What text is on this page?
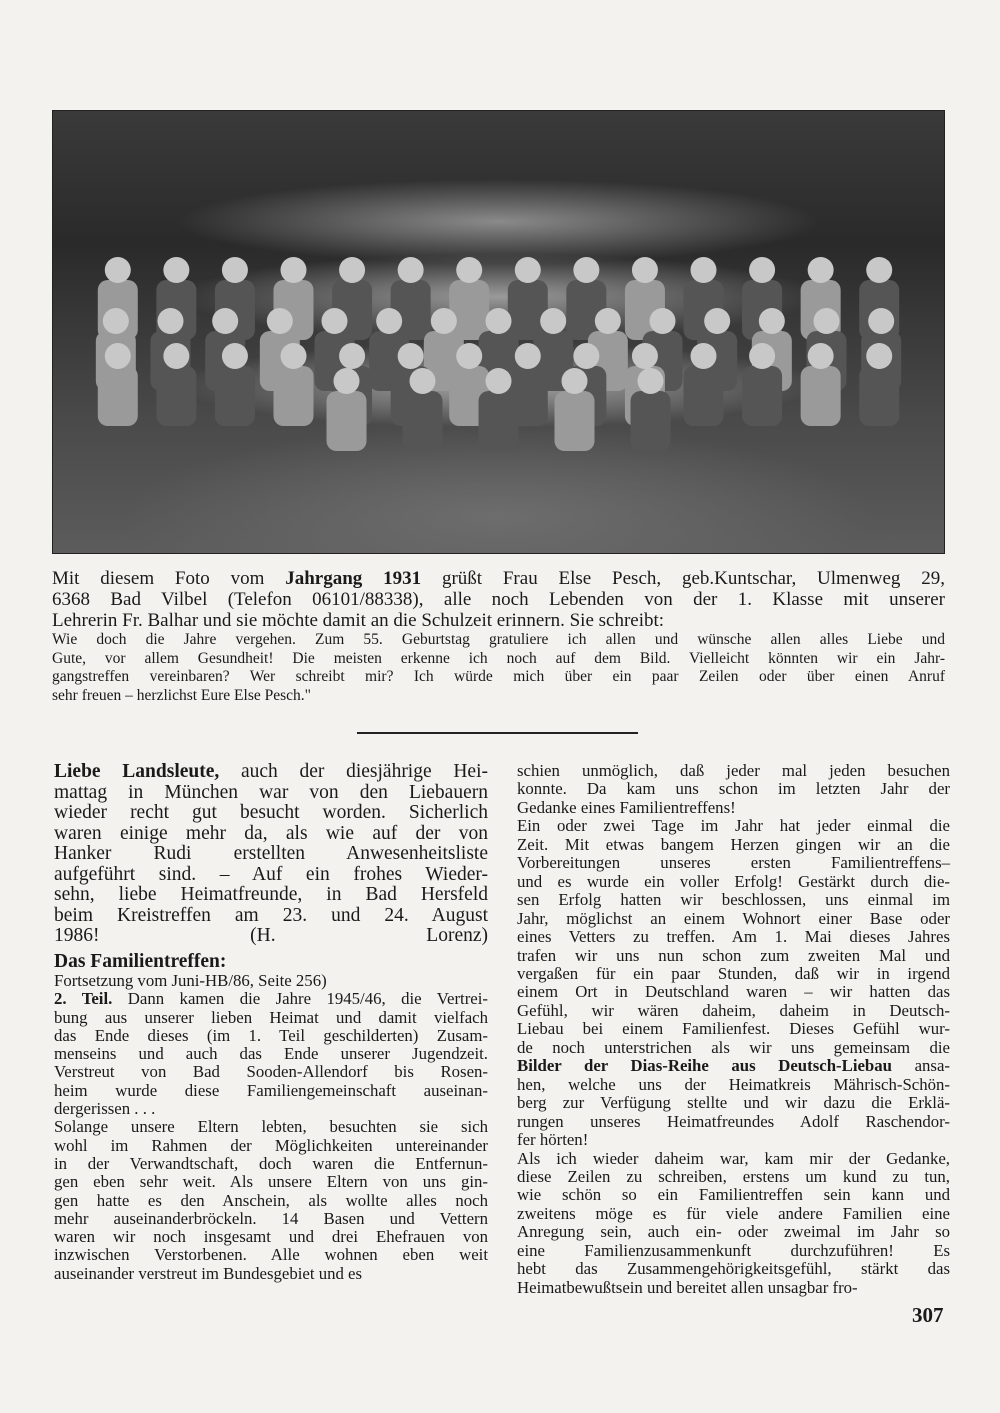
Mit diesem Foto vom Jahrgang 1931 grüßt Frau Else Pesch, geb.Kuntschar, Ulmenweg 29,
6368 Bad Vilbel (Telefon 06101/88338), alle noch Lebenden von der 1. Klasse mit unserer
Lehrerin Fr. Balhar und sie möchte damit an die Schulzeit erinnern. Sie schreibt:
Wie doch die Jahre vergehen. Zum 55. Geburtstag gratuliere ich allen und wünsche allen alles Liebe und
Gute, vor allem Gesundheit! Die meisten erkenne ich noch auf dem Bild. Vielleicht könnten wir ein Jahr-
gangstreffen vereinbaren? Wer schreibt mir? Ich würde mich über ein paar Zeilen oder über einen Anruf
sehr freuen – herzlichst Eure Else Pesch."
Liebe Landsleute, auch der diesjährige Hei-
mattag in München war von den Liebauern
wieder recht gut besucht worden. Sicherlich
waren einige mehr da, als wie auf der von
Hanker Rudi erstellten Anwesenheitsliste
aufgeführt sind. – Auf ein frohes Wieder-
sehn, liebe Heimatfreunde, in Bad Hersfeld
beim Kreistreffen am 23. und 24. August
1986! (H. Lorenz)
Das Familientreffen:
Fortsetzung vom Juni-HB/86, Seite 256)
2. Teil. Dann kamen die Jahre 1945/46, die Vertrei-
bung aus unserer lieben Heimat und damit vielfach
das Ende dieses (im 1. Teil geschilderten) Zusam-
menseins und auch das Ende unserer Jugendzeit.
Verstreut von Bad Sooden-Allendorf bis Rosen-
heim wurde diese Familiengemeinschaft auseinan-
dergerissen . . .
Solange unsere Eltern lebten, besuchten sie sich
wohl im Rahmen der Möglichkeiten untereinander
in der Verwandtschaft, doch waren die Entfernun-
gen eben sehr weit. Als unsere Eltern von uns gin-
gen hatte es den Anschein, als wollte alles noch
mehr auseinanderbröckeln. 14 Basen und Vettern
waren wir noch insgesamt und drei Ehefrauen von
inzwischen Verstorbenen. Alle wohnen eben weit
auseinander verstreut im Bundesgebiet und es
schien unmöglich, daß jeder mal jeden besuchen
konnte. Da kam uns schon im letzten Jahr der
Gedanke eines Familientreffens!
Ein oder zwei Tage im Jahr hat jeder einmal die
Zeit. Mit etwas bangem Herzen gingen wir an die
Vorbereitungen unseres ersten Familientreffens–
und es wurde ein voller Erfolg! Gestärkt durch die-
sen Erfolg hatten wir beschlossen, uns einmal im
Jahr, möglichst an einem Wohnort einer Base oder
eines Vetters zu treffen. Am 1. Mai dieses Jahres
trafen wir uns nun schon zum zweiten Mal und
vergaßen für ein paar Stunden, daß wir in irgend
einem Ort in Deutschland waren – wir hatten das
Gefühl, wir wären daheim, daheim in Deutsch-
Liebau bei einem Familienfest. Dieses Gefühl wur-
de noch unterstrichen als wir uns gemeinsam die
Bilder der Dias-Reihe aus Deutsch-Liebau ansa-
hen, welche uns der Heimatkreis Mährisch-Schön-
berg zur Verfügung stellte und wir dazu die Erklä-
rungen unseres Heimatfreundes Adolf Raschendor-
fer hörten!
Als ich wieder daheim war, kam mir der Gedanke,
diese Zeilen zu schreiben, erstens um kund zu tun,
wie schön so ein Familientreffen sein kann und
zweitens möge es für viele andere Familien eine
Anregung sein, auch ein- oder zweimal im Jahr so
eine Familienzusammenkunft durchzuführen! Es
hebt das Zusammengehörigkeitsgefühl, stärkt das
Heimatbewußtsein und bereitet allen unsagbar fro-
307
